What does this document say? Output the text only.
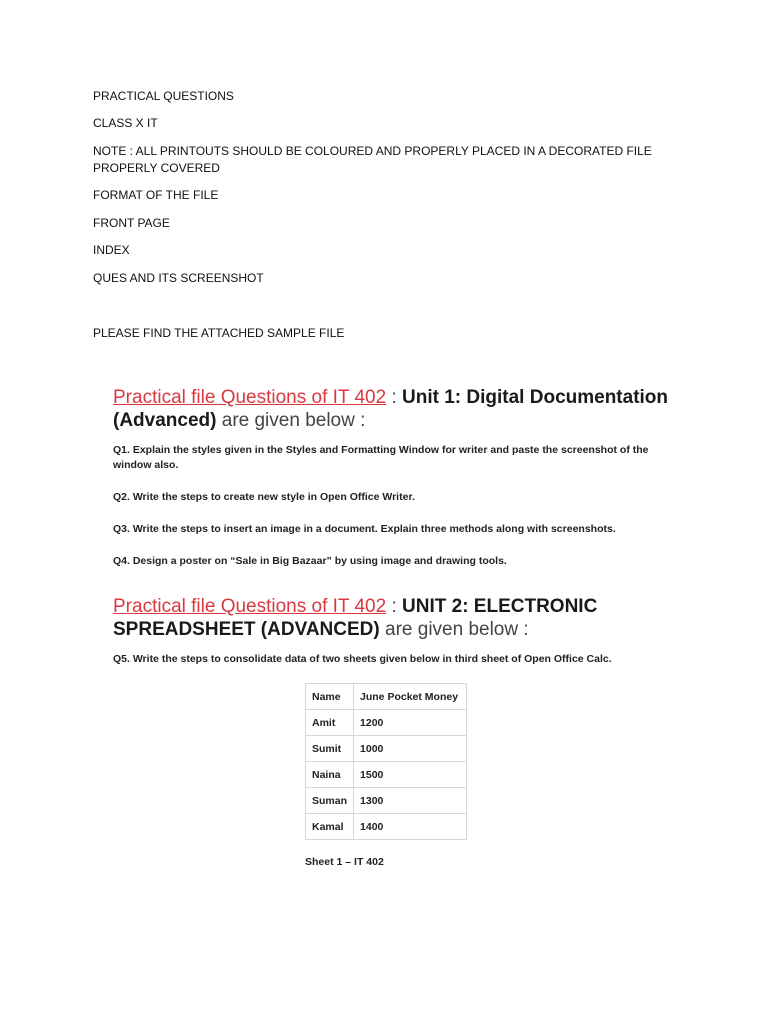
PRACTICAL QUESTIONS
CLASS X IT
NOTE : ALL PRINTOUTS SHOULD BE COLOURED AND PROPERLY PLACED IN A DECORATED FILE PROPERLY COVERED
FORMAT OF THE FILE
FRONT PAGE
INDEX
QUES AND ITS SCREENSHOT
PLEASE FIND THE ATTACHED SAMPLE FILE
Practical file Questions of IT 402 : Unit 1: Digital Documentation (Advanced) are given below :
Q1. Explain the styles given in the Styles and Formatting Window for writer and paste the screenshot of the window also.
Q2. Write the steps to create new style in Open Office Writer.
Q3. Write the steps to insert an image in a document. Explain three methods along with screenshots.
Q4. Design a poster on “Sale in Big Bazaar” by using image and drawing tools.
Practical file Questions of IT 402 : UNIT 2: ELECTRONIC SPREADSHEET (ADVANCED) are given below :
Q5. Write the steps to consolidate data of two sheets given below in third sheet of Open Office Calc.
Name	June Pocket Money
Amit	1200
Sumit	1000
Naina	1500
Suman	1300
Kamal	1400
Sheet 1 – IT 402
